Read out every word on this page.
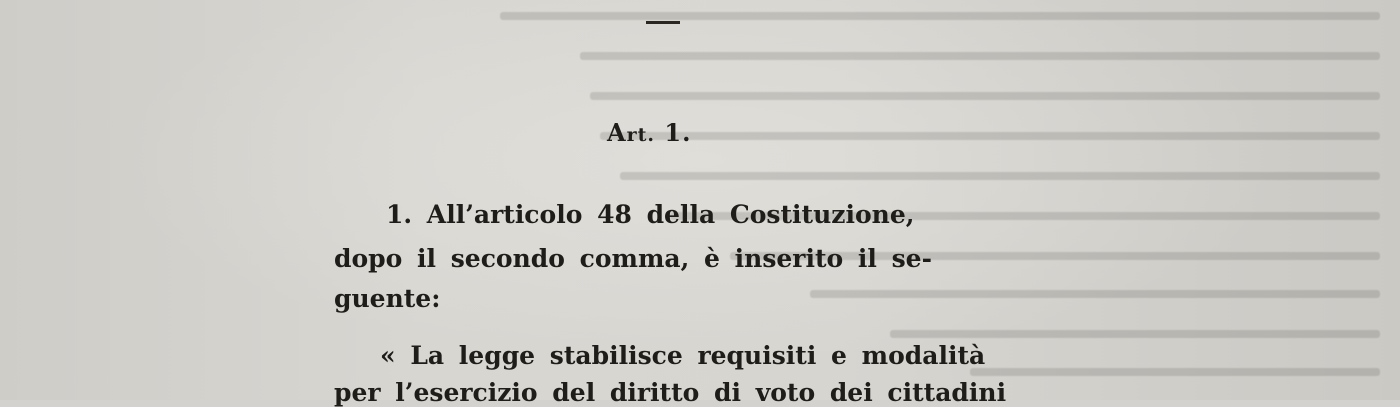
Art. 1.
1. All’articolo 48 della Costituzione,
dopo il secondo comma, è inserito il se-
guente:
« La legge stabilisce requisiti e modalità
per l’esercizio del diritto di voto dei cittadini
